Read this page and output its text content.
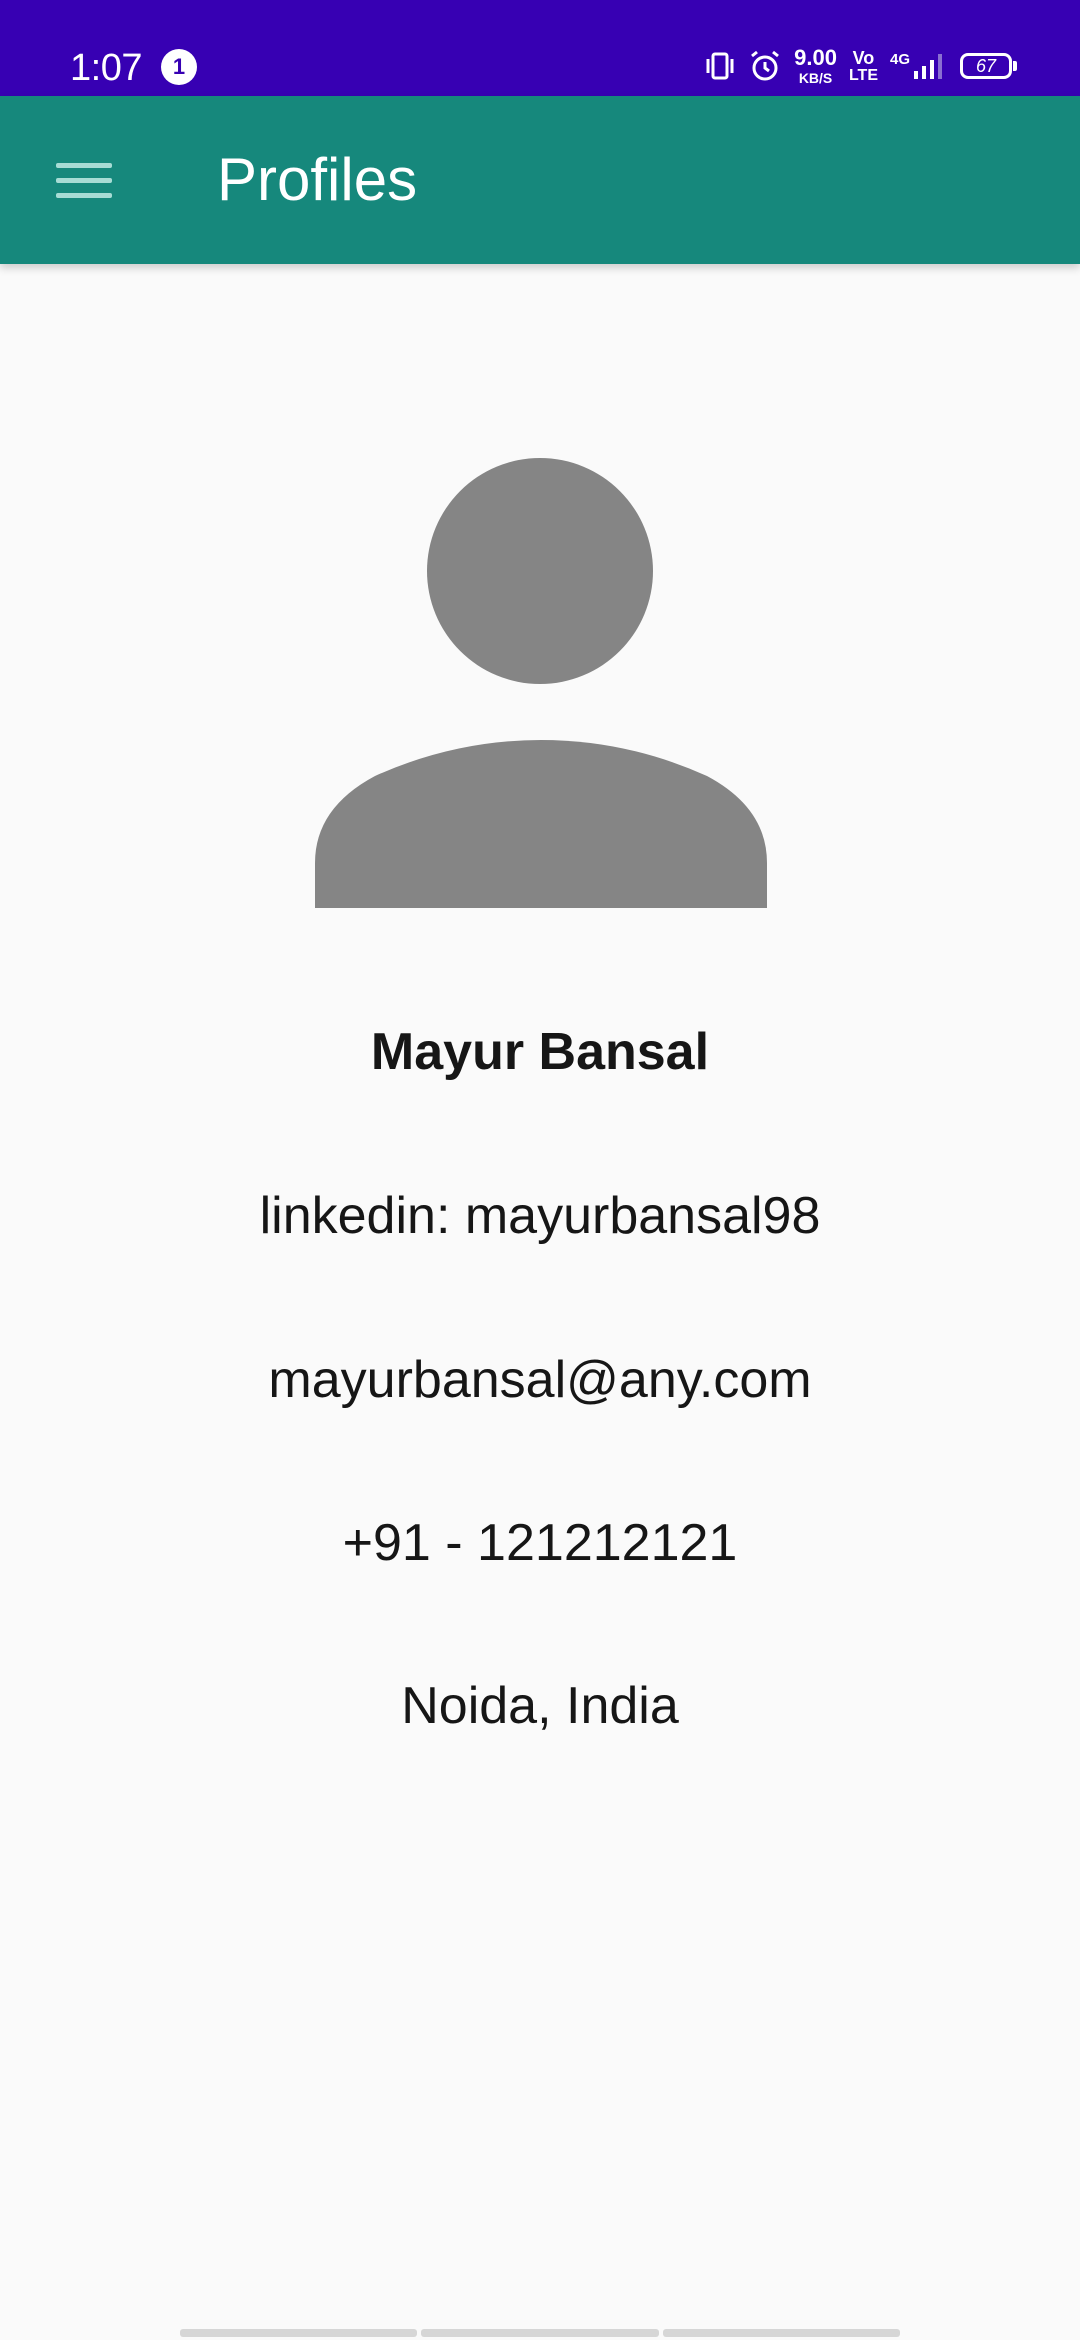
1:07	1	9.00
KB/S
Vo
LTE
4G	67
Profiles
Mayur Bansal
linkedin: mayurbansal98
mayurbansal@any.com
+91 - 121212121
Noida, India
